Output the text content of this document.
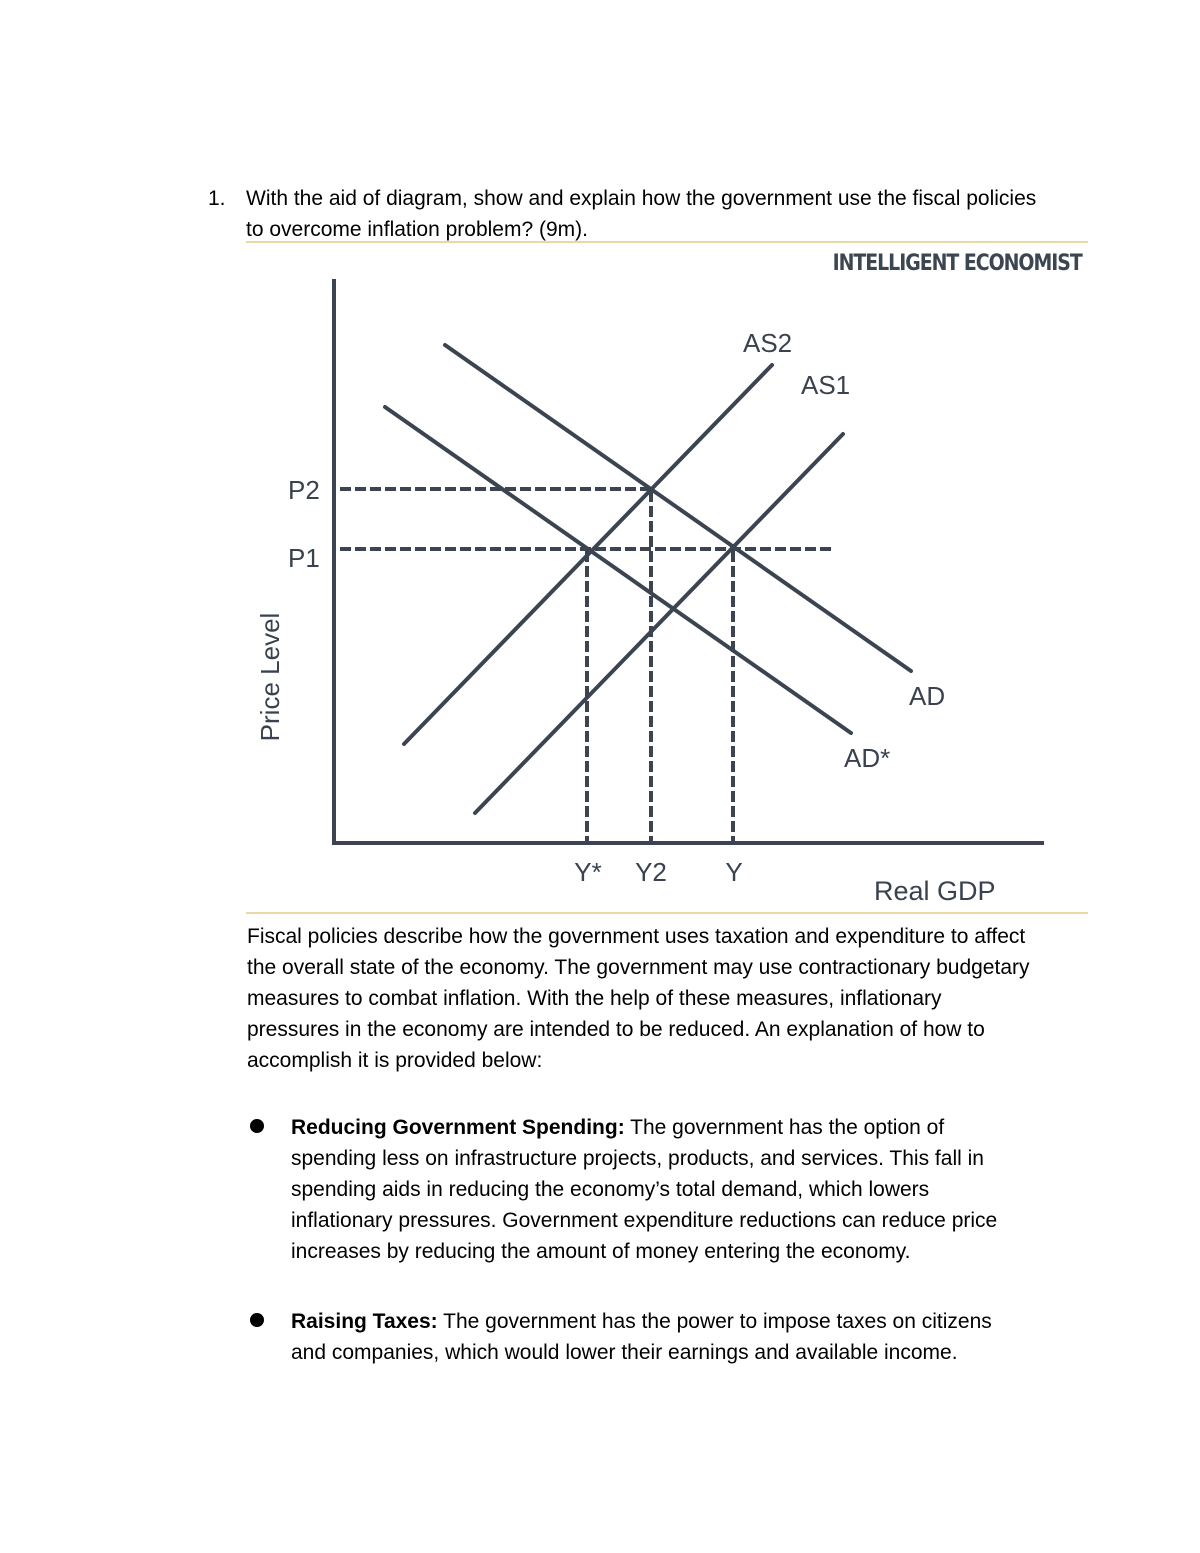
1. With the aid of diagram, show and explain how the government use the fiscal policies to overcome inflation problem? (9m).
INTELLIGENT ECONOMIST
AS2
AS1
AD
AD*
P2
P1
Y* Y2 Y
Real GDP
Price Level
Fiscal policies describe how the government uses taxation and expenditure to affect the overall state of the economy. The government may use contractionary budgetary measures to combat inflation. With the help of these measures, inflationary pressures in the economy are intended to be reduced. An explanation of how to accomplish it is provided below:
Reducing Government Spending: The government has the option of spending less on infrastructure projects, products, and services. This fall in spending aids in reducing the economy’s total demand, which lowers inflationary pressures. Government expenditure reductions can reduce price increases by reducing the amount of money entering the economy.
Raising Taxes: The government has the power to impose taxes on citizens and companies, which would lower their earnings and available income.
